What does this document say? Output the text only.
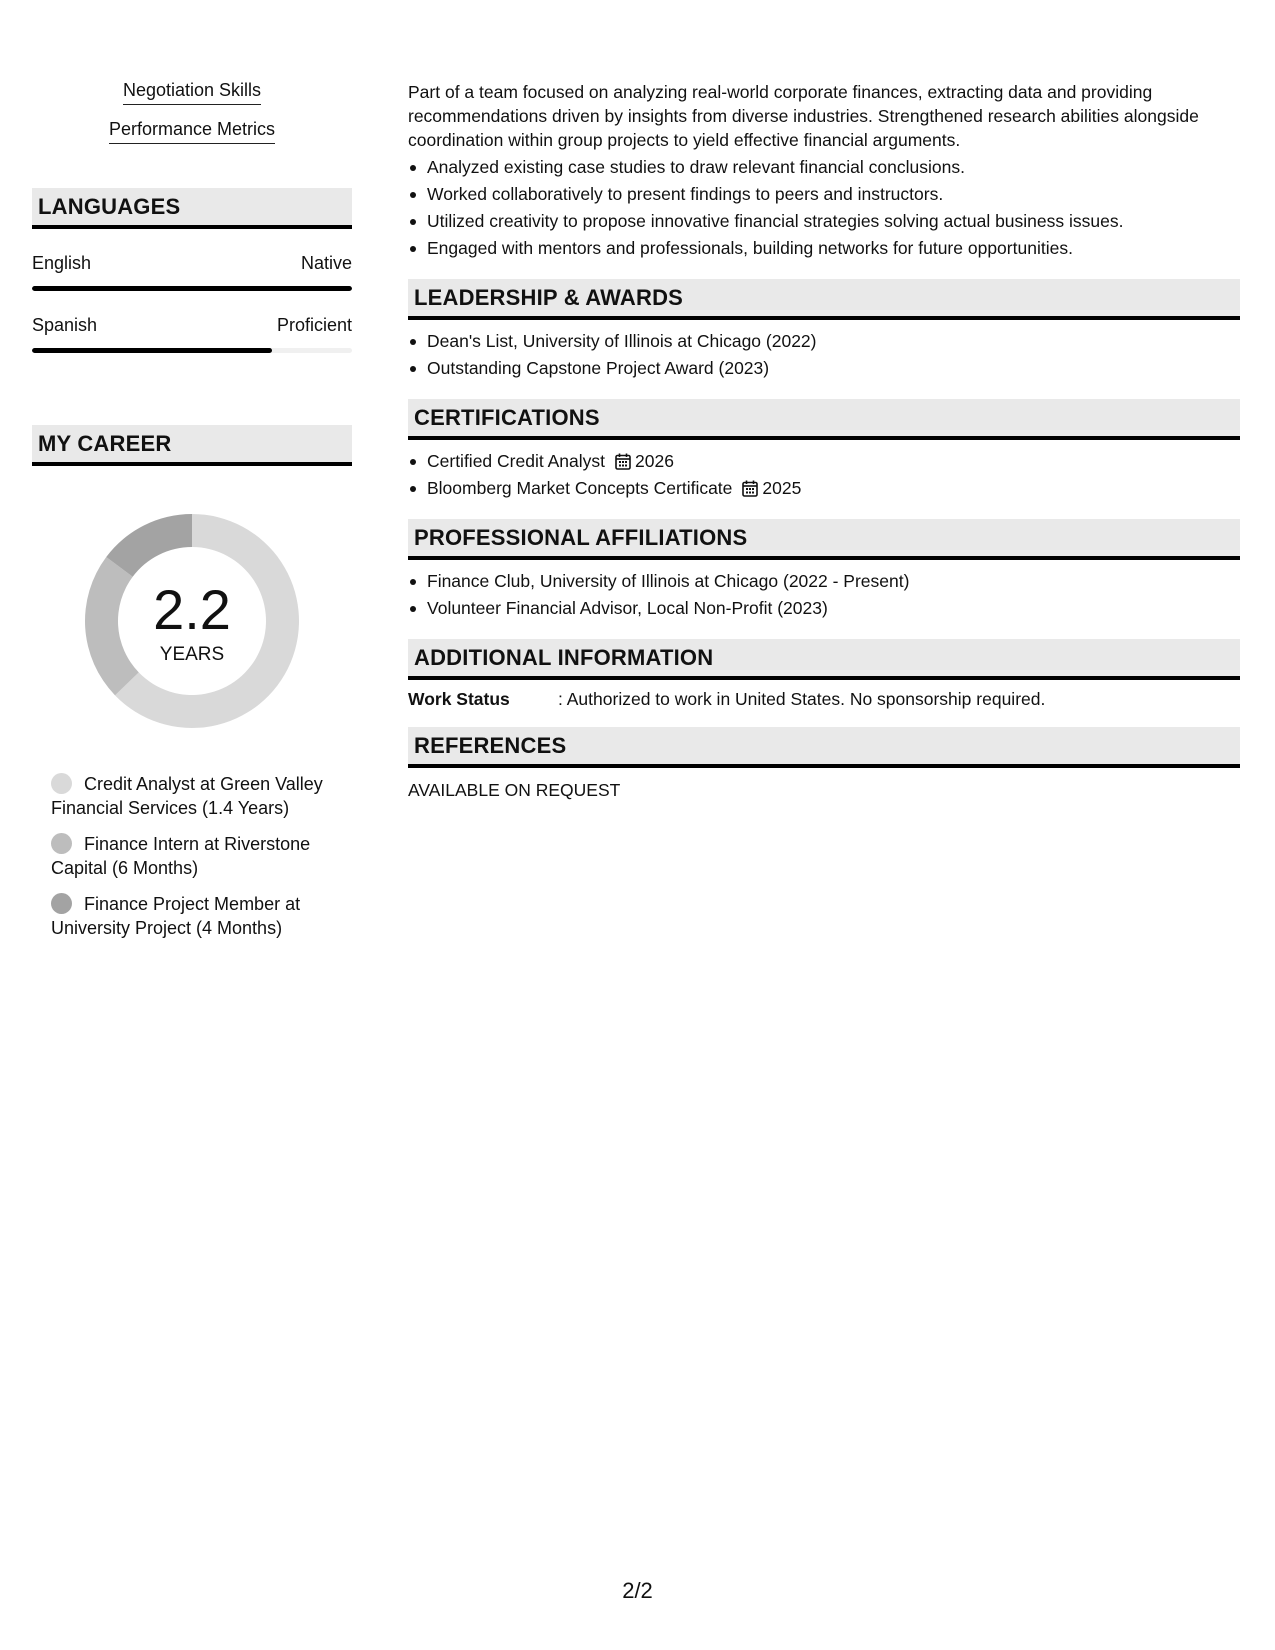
Negotiation Skills
Performance Metrics
LANGUAGES
English	Native
Spanish	Proficient
MY CAREER
2.2
YEARS
Credit Analyst at Green Valley Financial Services (1.4 Years)
Finance Intern at Riverstone Capital (6 Months)
Finance Project Member at University Project (4 Months)

Part of a team focused on analyzing real-world corporate finances, extracting data and providing recommendations driven by insights from diverse industries. Strengthened research abilities alongside coordination within group projects to yield effective financial arguments.

Analyzed existing case studies to draw relevant financial conclusions.
Worked collaboratively to present findings to peers and instructors.
Utilized creativity to propose innovative financial strategies solving actual business issues.
Engaged with mentors and professionals, building networks for future opportunities.
LEADERSHIP & AWARDS
Dean's List, University of Illinois at Chicago (2022)
Outstanding Capstone Project Award (2023)
CERTIFICATIONS
Certified Credit Analyst 2026
Bloomberg Market Concepts Certificate 2025
PROFESSIONAL AFFILIATIONS
Finance Club, University of Illinois at Chicago (2022 - Present)
Volunteer Financial Advisor, Local Non-Profit (2023)
ADDITIONAL INFORMATION
Work Status	: Authorized to work in United States. No sponsorship required.
REFERENCES
AVAILABLE ON REQUEST
2/2
